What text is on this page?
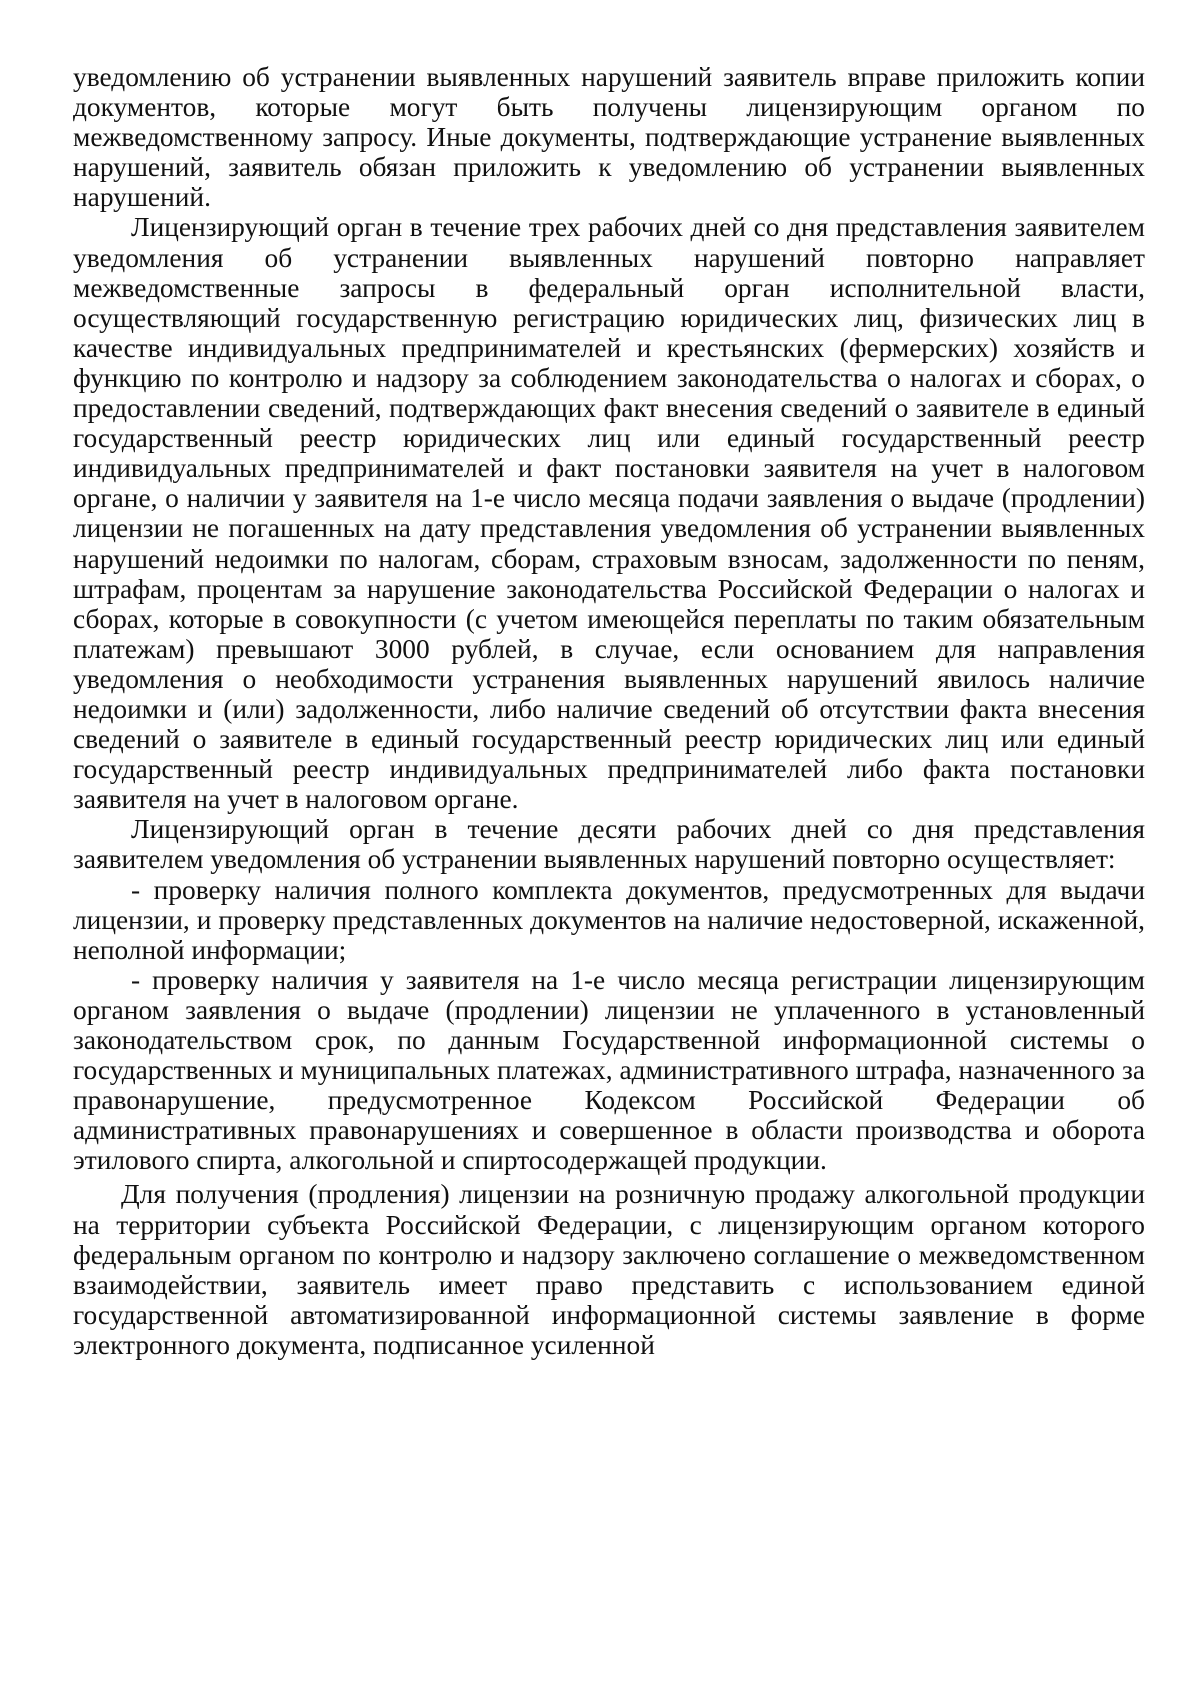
уведомлению об устранении выявленных нарушений заявитель вправе приложить копии документов, которые могут быть получены лицензирующим органом по межведомственному запросу. Иные документы, подтверждающие устранение выявленных нарушений, заявитель обязан приложить к уведомлению об устранении выявленных нарушений.

Лицензирующий орган в течение трех рабочих дней со дня представления заявителем уведомления об устранении выявленных нарушений повторно направляет межведомственные запросы в федеральный орган исполнительной власти, осуществляющий государственную регистрацию юридических лиц, физических лиц в качестве индивидуальных предпринимателей и крестьянских (фермерских) хозяйств и функцию по контролю и надзору за соблюдением законодательства о налогах и сборах, о предоставлении сведений, подтверждающих факт внесения сведений о заявителе в единый государственный реестр юридических лиц или единый государственный реестр индивидуальных предпринимателей и факт постановки заявителя на учет в налоговом органе, о наличии у заявителя на 1-е число месяца подачи заявления о выдаче (продлении) лицензии не погашенных на дату представления уведомления об устранении выявленных нарушений недоимки по налогам, сборам, страховым взносам, задолженности по пеням, штрафам, процентам за нарушение законодательства Российской Федерации о налогах и сборах, которые в совокупности (с учетом имеющейся переплаты по таким обязательным платежам) превышают 3000 рублей, в случае, если основанием для направления уведомления о необходимости устранения выявленных нарушений явилось наличие недоимки и (или) задолженности, либо наличие сведений об отсутствии факта внесения сведений о заявителе в единый государственный реестр юридических лиц или единый государственный реестр индивидуальных предпринимателей либо факта постановки заявителя на учет в налоговом органе.

Лицензирующий орган в течение десяти рабочих дней со дня представления заявителем уведомления об устранении выявленных нарушений повторно осуществляет:

- проверку наличия полного комплекта документов, предусмотренных для выдачи лицензии, и проверку представленных документов на наличие недостоверной, искаженной, неполной информации;

- проверку наличия у заявителя на 1-е число месяца регистрации лицензирующим органом заявления о выдаче (продлении) лицензии не уплаченного в установленный законодательством срок, по данным Государственной информационной системы о государственных и муниципальных платежах, административного штрафа, назначенного за правонарушение, предусмотренное Кодексом Российской Федерации об административных правонарушениях и совершенное в области производства и оборота этилового спирта, алкогольной и спиртосодержащей продукции.

Для получения (продления) лицензии на розничную продажу алкогольной продукции на территории субъекта Российской Федерации, с лицензирующим органом которого федеральным органом по контролю и надзору заключено соглашение о межведомственном взаимодействии, заявитель имеет право представить с использованием единой государственной автоматизированной информационной системы заявление в форме электронного документа, подписанное усиленной
